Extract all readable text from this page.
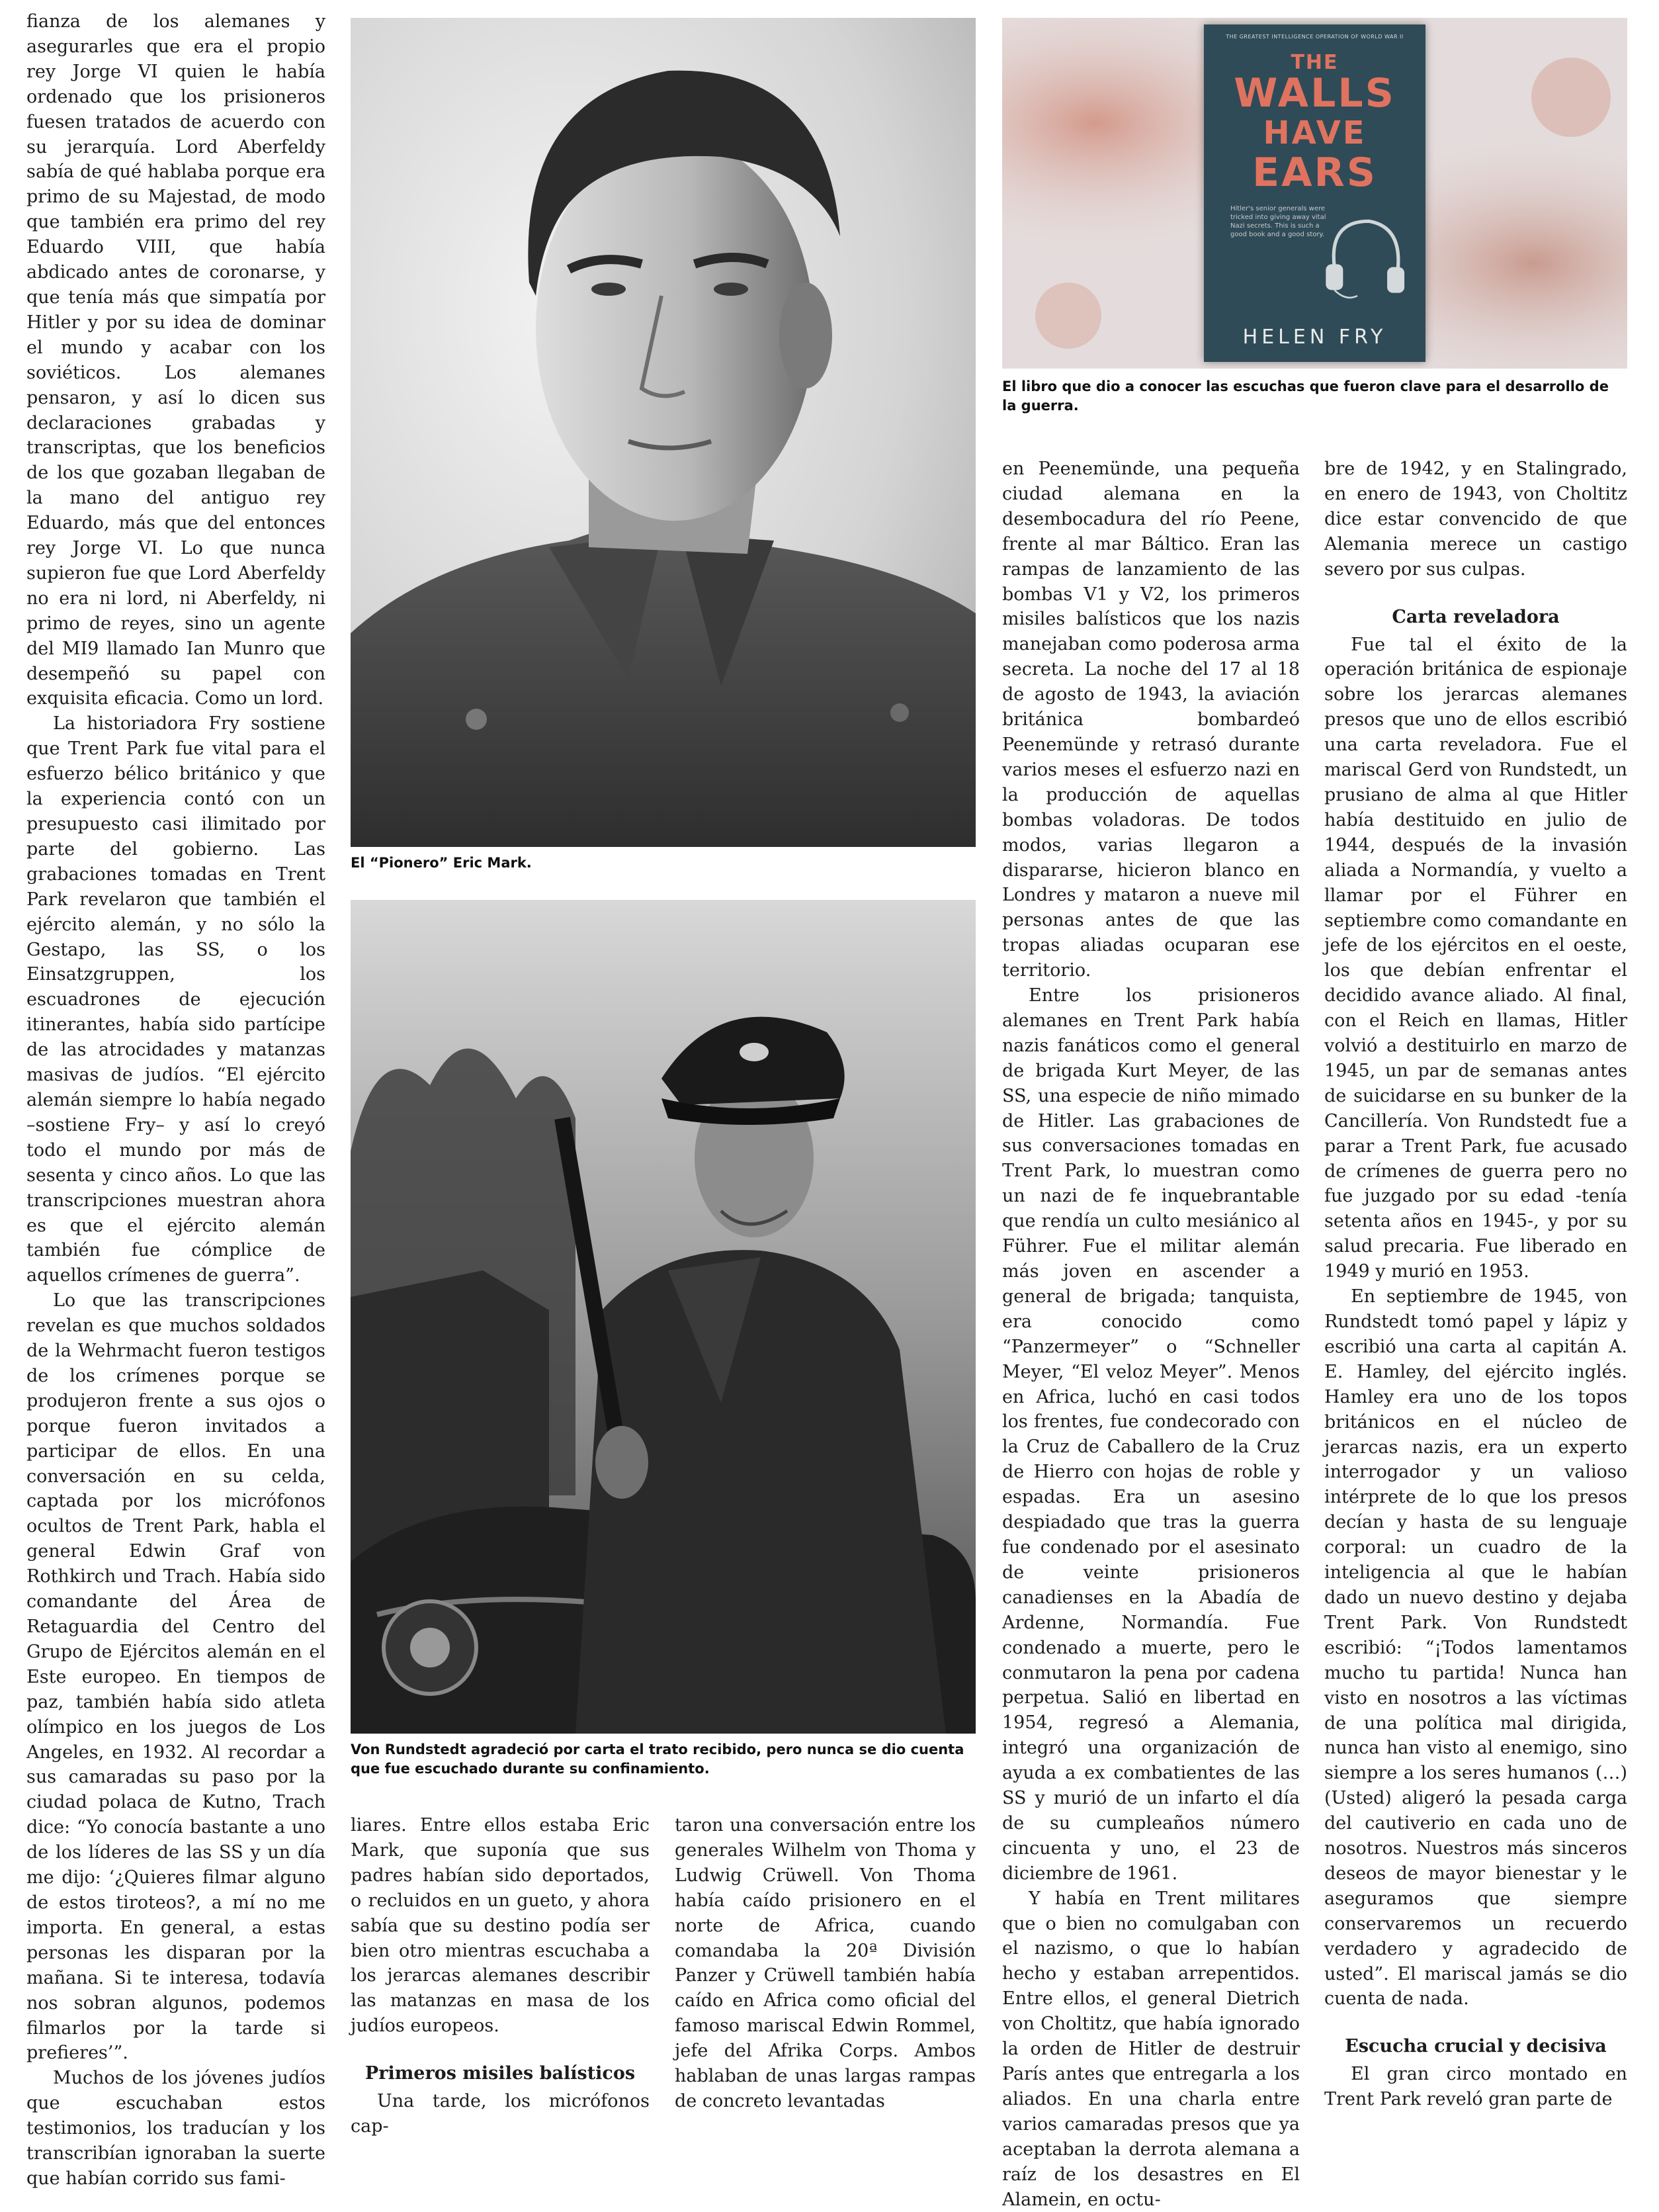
El “Pionero” Eric Mark.
Von Rundstedt agradeció por carta el trato recibido, pero nunca se dio cuenta que fue escuchado durante su confinamiento.
THE GREATEST INTELLIGENCE OPERATION OF WORLD WAR II
THE
WALLS
HAVE
EARS
Hitler's senior generals were tricked into giving away vital Nazi secrets. This is such a good book and a good story.
HELEN FRY
El libro que dio a conocer las escuchas que fueron clave para el desarrollo de la guerra.

fianza de los alemanes y asegurarles que era el propio rey Jorge VI quien le había ordenado que los prisioneros fuesen tratados de acuerdo con su jerarquía. Lord Aberfeldy sabía de qué hablaba porque era primo de su Majestad, de modo que también era primo del rey Eduardo VIII, que había abdicado antes de coronarse, y que tenía más que simpatía por Hitler y por su idea de dominar el mundo y acabar con los soviéticos. Los alemanes pensaron, y así lo dicen sus declaraciones grabadas y transcriptas, que los beneficios de los que gozaban llegaban de la mano del antiguo rey Eduardo, más que del entonces rey Jorge VI. Lo que nunca supieron fue que Lord Aberfeldy no era ni lord, ni Aberfeldy, ni primo de reyes, sino un agente del MI9 llamado Ian Munro que desempeñó su papel con exquisita eficacia. Como un lord.

La historiadora Fry sostiene que Trent Park fue vital para el esfuerzo bélico británico y que la experiencia contó con un presupuesto casi ilimitado por parte del gobierno. Las grabaciones tomadas en Trent Park revelaron que también el ejército alemán, y no sólo la Gestapo, las SS, o los Einsatzgruppen, los escuadrones de ejecución itinerantes, había sido partícipe de las atrocidades y matanzas masivas de judíos. “El ejército alemán siempre lo había negado –sostiene Fry– y así lo creyó todo el mundo por más de sesenta y cinco años. Lo que las transcripciones muestran ahora es que el ejército alemán también fue cómplice de aquellos crímenes de guerra”.

Lo que las transcripciones revelan es que muchos soldados de la Wehrmacht fueron testigos de los crímenes porque se produjeron frente a sus ojos o porque fueron invitados a participar de ellos. En una conversación en su celda, captada por los micrófonos ocultos de Trent Park, habla el general Edwin Graf von Rothkirch und Trach. Había sido comandante del Área de Retaguardia del Centro del Grupo de Ejércitos alemán en el Este europeo. En tiempos de paz, también había sido atleta olímpico en los juegos de Los Angeles, en 1932. Al recordar a sus camaradas su paso por la ciudad polaca de Kutno, Trach dice: “Yo conocía bastante a uno de los líderes de las SS y un día me dijo: ‘¿Quieres filmar alguno de estos tiroteos?, a mí no me importa. En general, a estas personas les disparan por la mañana. Si te interesa, todavía nos sobran algunos, podemos filmarlos por la tarde si prefieres’”.

Muchos de los jóvenes judíos que escuchaban estos testimonios, los traducían y los transcribían ignoraban la suerte que habían corrido sus fami-

liares. Entre ellos estaba Eric Mark, que suponía que sus padres habían sido deportados, o recluidos en un gueto, y ahora sabía que su destino podía ser bien otro mientras escuchaba a los jerarcas alemanes describir las matanzas en masa de los judíos europeos.

Primeros misiles balísticos

Una tarde, los micrófonos cap-

taron una conversación entre los generales Wilhelm von Thoma y Ludwig Crüwell. Von Thoma había caído prisionero en el norte de Africa, cuando comandaba la 20ª División Panzer y Crüwell también había caído en Africa como oficial del famoso mariscal Edwin Rommel, jefe del Afrika Corps. Ambos hablaban de unas largas rampas de concreto levantadas

en Peenemünde, una pequeña ciudad alemana en la desembocadura del río Peene, frente al mar Báltico. Eran las rampas de lanzamiento de las bombas V1 y V2, los primeros misiles balísticos que los nazis manejaban como poderosa arma secreta. La noche del 17 al 18 de agosto de 1943, la aviación británica bombardeó Peenemünde y retrasó durante varios meses el esfuerzo nazi en la producción de aquellas bombas voladoras. De todos modos, varias llegaron a dispararse, hicieron blanco en Londres y mataron a nueve mil personas antes de que las tropas aliadas ocuparan ese territorio.

Entre los prisioneros alemanes en Trent Park había nazis fanáticos como el general de brigada Kurt Meyer, de las SS, una especie de niño mimado de Hitler. Las grabaciones de sus conversaciones tomadas en Trent Park, lo muestran como un nazi de fe inquebrantable que rendía un culto mesiánico al Führer. Fue el militar alemán más joven en ascender a general de brigada; tanquista, era conocido como “Panzermeyer” o “Schneller Meyer, “El veloz Meyer”. Menos en Africa, luchó en casi todos los frentes, fue condecorado con la Cruz de Caballero de la Cruz de Hierro con hojas de roble y espadas. Era un asesino despiadado que tras la guerra fue condenado por el asesinato de veinte prisioneros canadienses en la Abadía de Ardenne, Normandía. Fue condenado a muerte, pero le conmutaron la pena por cadena perpetua. Salió en libertad en 1954, regresó a Alemania, integró una organización de ayuda a ex combatientes de las SS y murió de un infarto el día de su cumpleaños número cincuenta y uno, el 23 de diciembre de 1961.

Y había en Trent militares que o bien no comulgaban con el nazismo, o que lo habían hecho y estaban arrepentidos. Entre ellos, el general Dietrich von Choltitz, que había ignorado la orden de Hitler de destruir París antes que entregarla a los aliados. En una charla entre varios camaradas presos que ya aceptaban la derrota alemana a raíz de los desastres en El Alamein, en octu-

bre de 1942, y en Stalingrado, en enero de 1943, von Choltitz dice estar convencido de que Alemania merece un castigo severo por sus culpas.

Carta reveladora

Fue tal el éxito de la operación británica de espionaje sobre los jerarcas alemanes presos que uno de ellos escribió una carta reveladora. Fue el mariscal Gerd von Rundstedt, un prusiano de alma al que Hitler había destituido en julio de 1944, después de la invasión aliada a Normandía, y vuelto a llamar por el Führer en septiembre como comandante en jefe de los ejércitos en el oeste, los que debían enfrentar el decidido avance aliado. Al final, con el Reich en llamas, Hitler volvió a destituirlo en marzo de 1945, un par de semanas antes de suicidarse en su bunker de la Cancillería. Von Rundstedt fue a parar a Trent Park, fue acusado de crímenes de guerra pero no fue juzgado por su edad -tenía setenta años en 1945-, y por su salud precaria. Fue liberado en 1949 y murió en 1953.

En septiembre de 1945, von Rundstedt tomó papel y lápiz y escribió una carta al capitán A. E. Hamley, del ejército inglés. Hamley era uno de los topos británicos en el núcleo de jerarcas nazis, era un experto interrogador y un valioso intérprete de lo que los presos decían y hasta de su lenguaje corporal: un cuadro de la inteligencia al que le habían dado un nuevo destino y dejaba Trent Park. Von Rundstedt escribió: “¡Todos lamentamos mucho tu partida! Nunca han visto en nosotros a las víctimas de una política mal dirigida, nunca han visto al enemigo, sino siempre a los seres humanos (…) (Usted) aligeró la pesada carga del cautiverio en cada uno de nosotros. Nuestros más sinceros deseos de mayor bienestar y le aseguramos que siempre conservaremos un recuerdo verdadero y agradecido de usted”. El mariscal jamás se dio cuenta de nada.

Escucha crucial y decisiva

El gran circo montado en Trent Park reveló gran parte de
